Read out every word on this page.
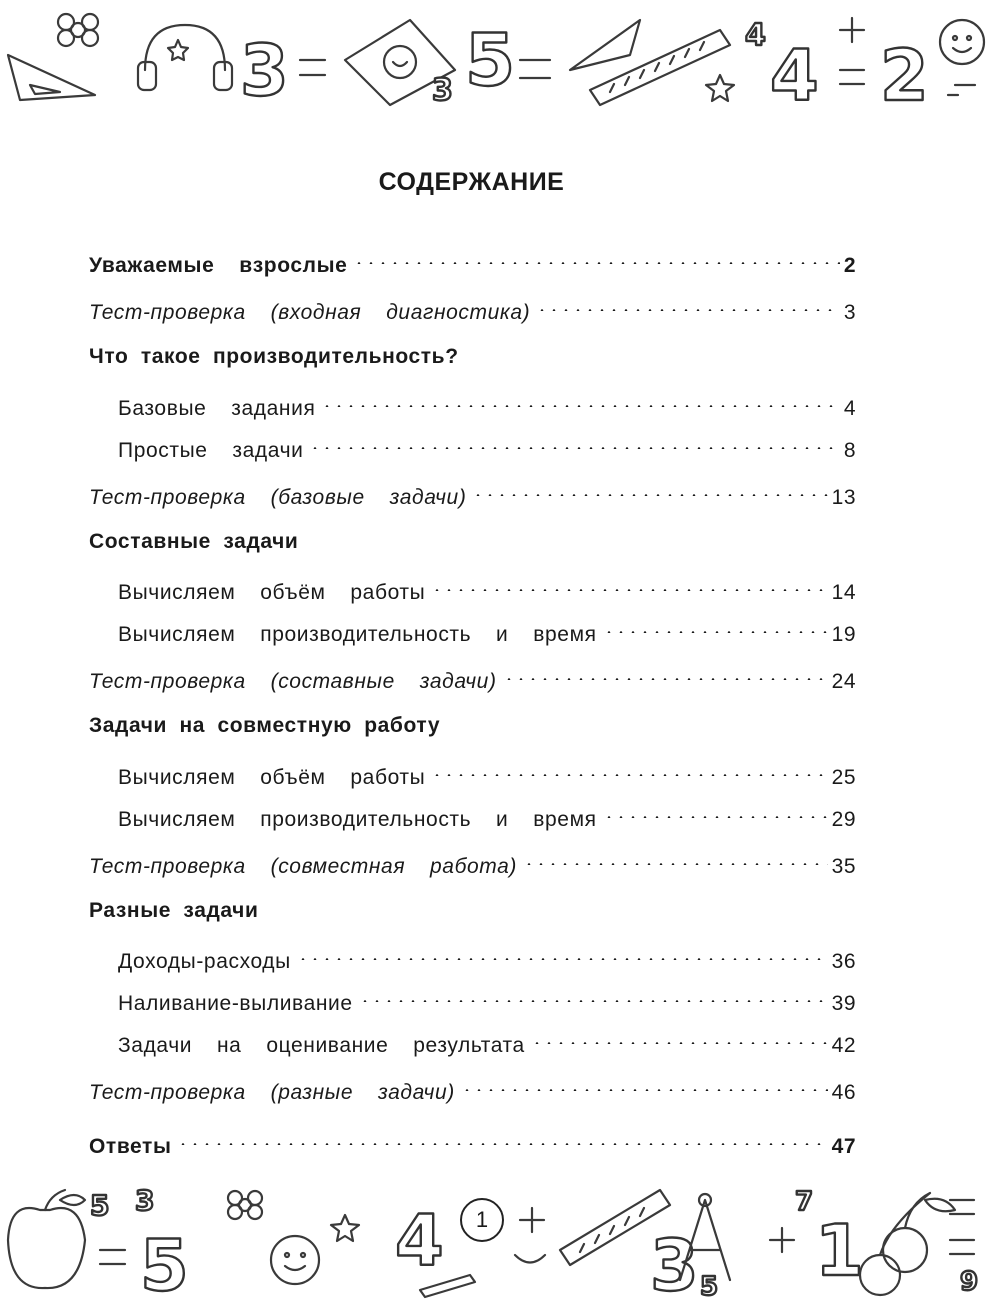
3	3 5	4 4 2
СОДЕРЖАНИЕ
Уважаемые  взрослые	2
Тест-проверка  (входная  диагностика)	3
Что такое производительность?
Базовые  задания	4
Простые  задачи	8
Тест-проверка  (базовые  задачи)	13
Составные задачи
Вычисляем  объём  работы	14
Вычисляем  производительность  и  время	19
Тест-проверка  (составные  задачи)	24
Задачи на совместную работу
Вычисляем  объём  работы	25
Вычисляем  производительность  и  время	29
Тест-проверка  (совместная  работа)	35
Разные задачи
Доходы-расходы	36
Наливание-выливание	39
Задачи  на  оценивание  результата	42
Тест-проверка  (разные  задачи)	46
Ответы	47
5 3
5	4	3
7
5 1	9
1
